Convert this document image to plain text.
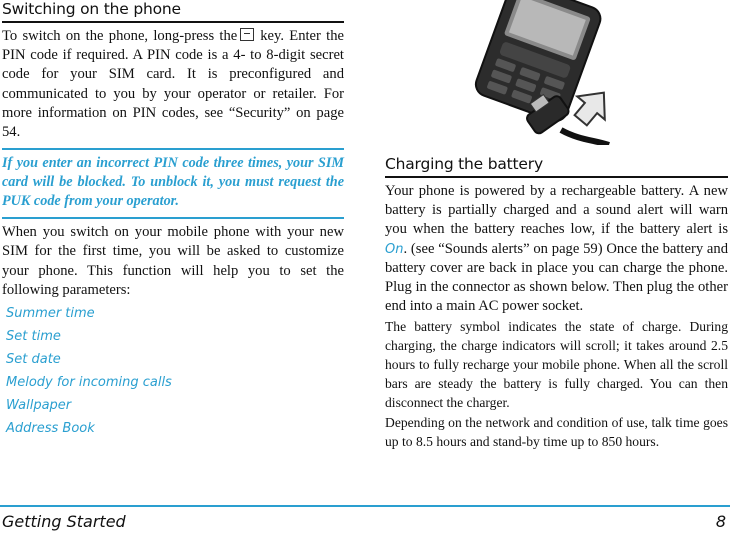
Switching on the phone

To switch on the phone, long-press the key. Enter the PIN code if required. A PIN code is a 4- to 8-digit secret code for your SIM card. It is preconfigured and communicated to you by your operator or retailer. For more information on PIN codes, see “Security” on page 54.

If you enter an incorrect PIN code three times, your SIM card will be blocked. To unblock it, you must request the PUK code from your operator.

When you switch on your mobile phone with your new SIM for the first time, you will be asked to customize your phone. This function will help you to set the following parameters:

Summer time
Set time
Set date
Melody for incoming calls
Wallpaper
Address Book
Charging the battery

Your phone is powered by a rechargeable battery. A new battery is partially charged and a sound alert will warn you when the battery reaches low, if the battery alert is On. (see “Sounds alerts” on page 59) Once the battery and battery cover are back in place you can charge the phone. Plug in the connector as shown below. Then plug the other end into a main AC power socket.

The battery symbol indicates the state of charge. During charging, the charge indicators will scroll; it takes around 2.5 hours to fully recharge your mobile phone. When all the scroll bars are steady the battery is fully charged. You can then disconnect the charger.

Depending on the network and condition of use, talk time goes up to 8.5 hours and stand-by time up to 850 hours.

Getting Started	8
